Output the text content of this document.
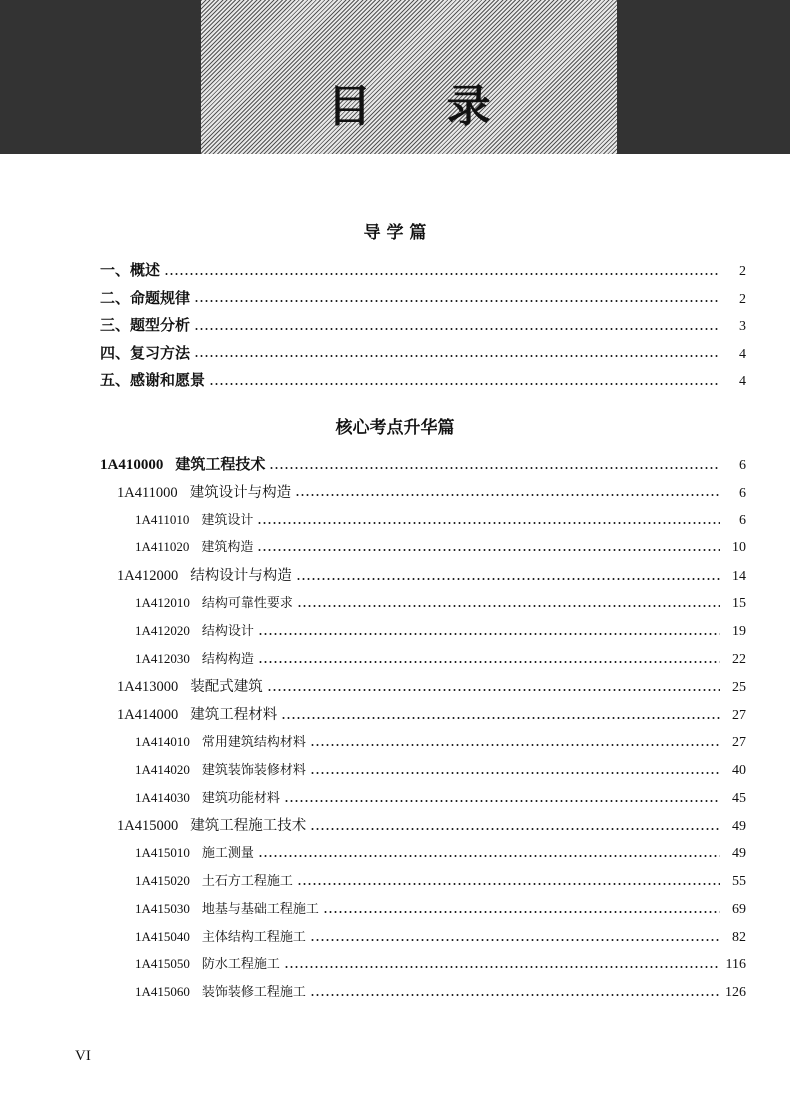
目 录
导 学 篇
一、概述	2
二、命题规律	2
三、题型分析	3
四、复习方法	4
五、感谢和愿景	4
核心考点升华篇
1A410000 建筑工程技术	6
1A411000 建筑设计与构造	6
1A411010 建筑设计	6
1A411020 建筑构造	10
1A412000 结构设计与构造	14
1A412010 结构可靠性要求	15
1A412020 结构设计	19
1A412030 结构构造	22
1A413000 装配式建筑	25
1A414000 建筑工程材料	27
1A414010 常用建筑结构材料	27
1A414020 建筑装饰装修材料	40
1A414030 建筑功能材料	45
1A415000 建筑工程施工技术	49
1A415010 施工测量	49
1A415020 土石方工程施工	55
1A415030 地基与基础工程施工	69
1A415040 主体结构工程施工	82
1A415050 防水工程施工	116
1A415060 装饰装修工程施工	126
VI
